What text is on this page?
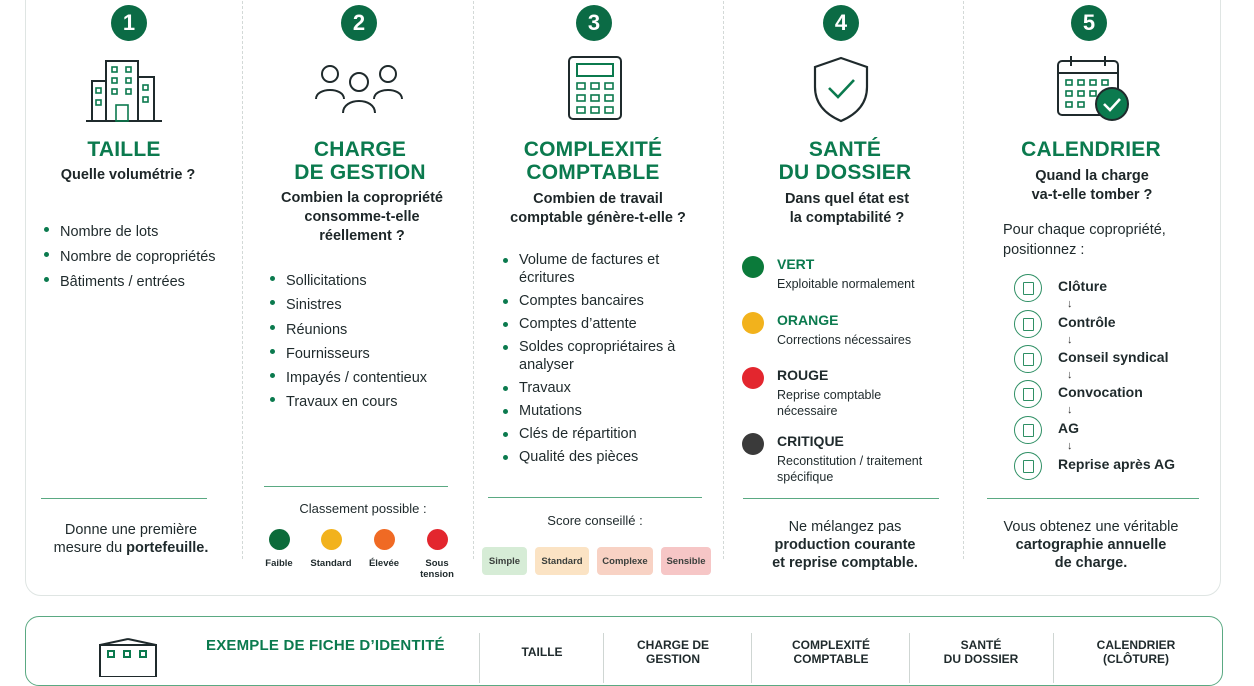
1
TAILLE
Quelle volumétrie ?
Nombre de lots
Nombre de copropriétés
Bâtiments / entrées
Donne une première
mesure du portefeuille.
2
CHARGE
DE GESTION
Combien la copropriété
consomme-t-elle
réellement ?
Sollicitations
Sinistres
Réunions
Fournisseurs
Impayés / contentieux
Travaux en cours
Classement possible :
Faible	Standard	Élevée	Sous tension
3
COMPLEXITÉ
COMPTABLE
Combien de travail
comptable génère-t-elle ?
Volume de factures et écritures
Comptes bancaires
Comptes d’attente
Soldes copropriétaires à analyser
Travaux
Mutations
Clés de répartition
Qualité des pièces
Score conseillé :
Simple	Standard	Complexe	Sensible
4
SANTÉ
DU DOSSIER
Dans quel état est
la comptabilité ?
VERT
Exploitable normalement
ORANGE
Corrections nécessaires
ROUGE
Reprise comptable nécessaire
CRITIQUE
Reconstitution / traitement spécifique
Ne mélangez pas
production courante
et reprise comptable.
5
CALENDRIER
Quand la charge
va-t-elle tomber ?
Pour chaque copropriété,
positionnez :
Clôture
↓
Contrôle
↓
Conseil syndical
↓
Convocation
↓
AG
↓
Reprise après AG
Vous obtenez une véritable
cartographie annuelle
de charge.
EXEMPLE DE FICHE D’IDENTITÉ	TAILLE	CHARGE DE
GESTION
COMPLEXITÉ
COMPTABLE
SANTÉ
DU DOSSIER
CALENDRIER
(CLÔTURE)
